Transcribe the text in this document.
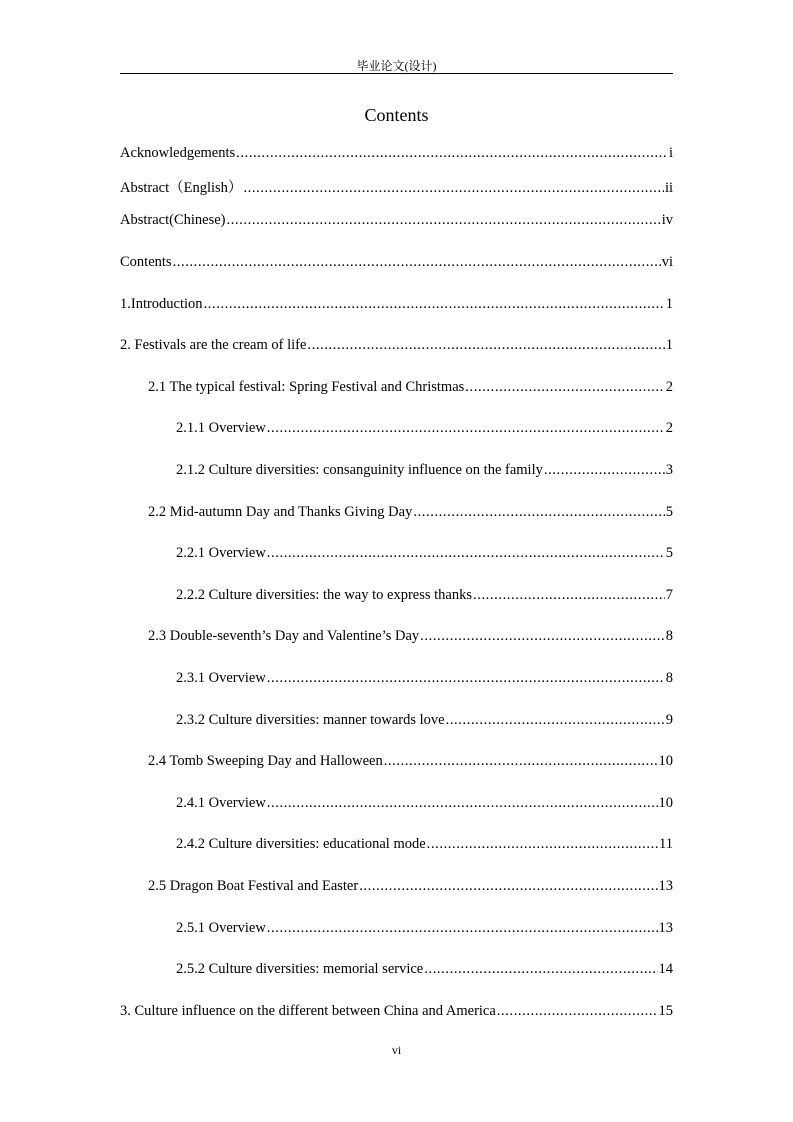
毕业论文(设计)
Contents
Acknowledgements .....	i
Abstract（English） .....	ii
Abstract(Chinese) .....	iv
Contents .....	vi
1.Introduction .....	1
2. Festivals are the cream of life .....	1
2.1 The typical festival: Spring Festival and Christmas .....	2
2.1.1 Overview .....	2
2.1.2 Culture diversities: consanguinity influence on the family .....	3
2.2 Mid-autumn Day and Thanks Giving Day .....	5
2.2.1 Overview .....	5
2.2.2 Culture diversities: the way to express thanks .....	7
2.3 Double-seventh’s Day and Valentine’s Day .....	8
2.3.1 Overview .....	8
2.3.2 Culture diversities: manner towards love .....	9
2.4 Tomb Sweeping Day and Halloween .....	10
2.4.1 Overview .....	10
2.4.2 Culture diversities: educational mode .....	11
2.5 Dragon Boat Festival and Easter .....	13
2.5.1 Overview .....	13
2.5.2 Culture diversities: memorial service .....	14
3. Culture influence on the different between China and America .....	15
vi
